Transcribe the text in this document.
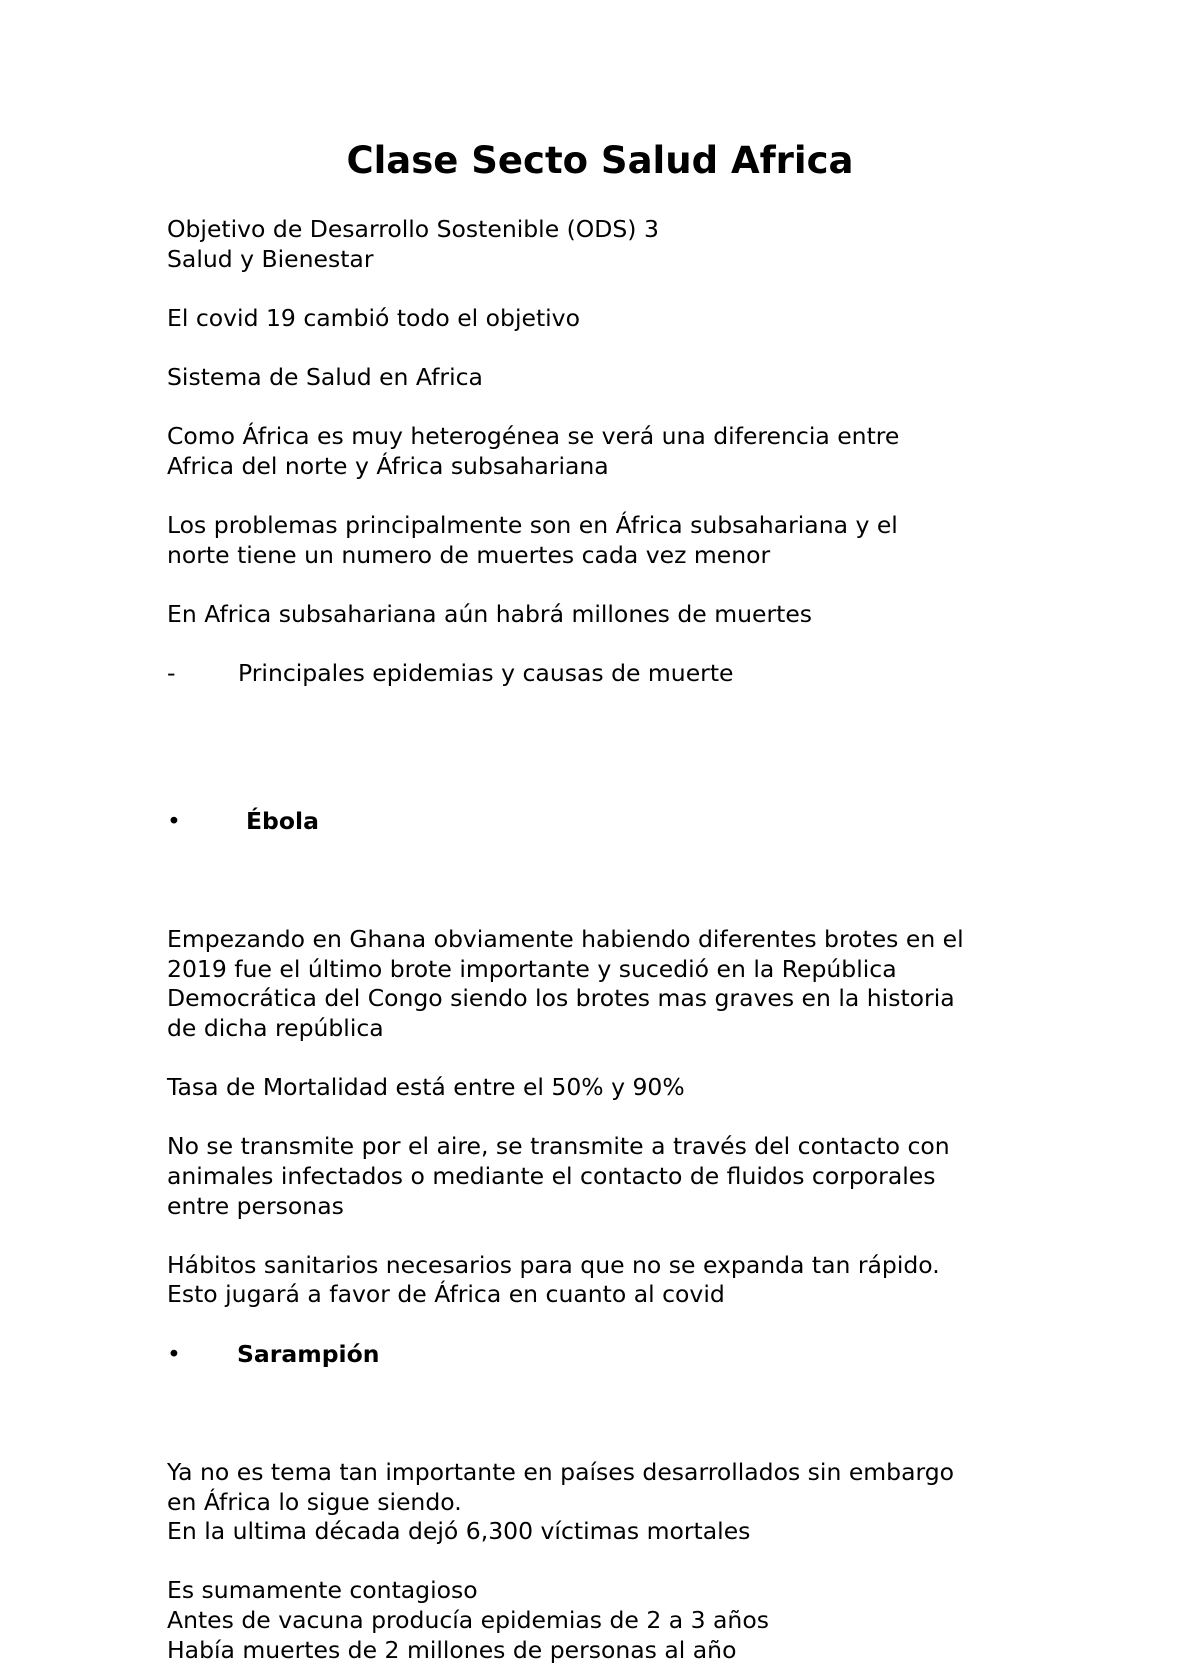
Clase Secto Salud Africa
Objetivo de Desarrollo Sostenible (ODS) 3
Salud y Bienestar
El covid 19 cambió todo el objetivo
Sistema de Salud en Africa
Como África es muy heterogénea se verá una diferencia entre
Africa del norte y África subsahariana
Los problemas principalmente son en África subsahariana y el
norte tiene un numero de muertes cada vez menor
En Africa subsahariana aún habrá millones de muertes

-

	Principales epidemias y causas de muerte

•

	Ébola

Empezando en Ghana obviamente habiendo diferentes brotes en el
2019 fue el último brote importante y sucedió en la República
Democrática del Congo siendo los brotes mas graves en la historia
de dicha república
Tasa de Mortalidad está entre el 50% y 90%
No se transmite por el aire, se transmite a través del contacto con
animales infectados o mediante el contacto de fluidos corporales
entre personas
Hábitos sanitarios necesarios para que no se expanda tan rápido.
Esto jugará a favor de África en cuanto al covid

•

Sarampión

Ya no es tema tan importante en países desarrollados sin embargo
en África lo sigue siendo.
En la ultima década dejó 6,300 víctimas mortales
Es sumamente contagioso
Antes de vacuna producía epidemias de 2 a 3 años
Había muertes de 2 millones de personas al año
